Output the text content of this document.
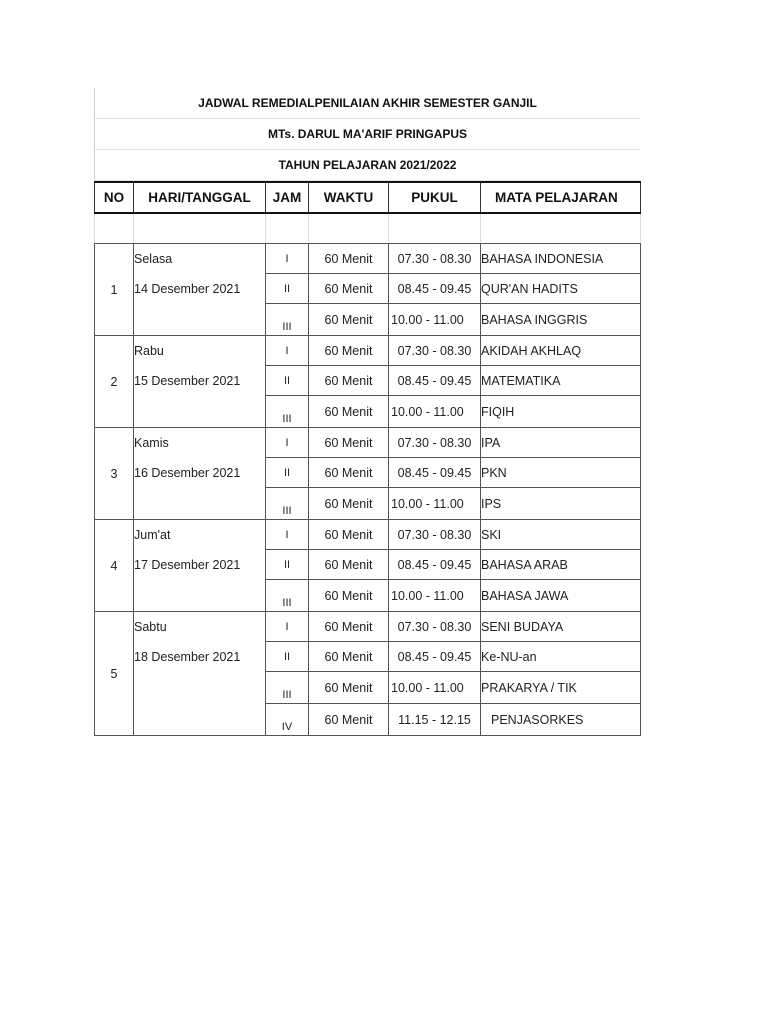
JADWAL REMEDIALPENILAIAN AKHIR SEMESTER GANJIL
MTs. DARUL MA'ARIF PRINGAPUS
TAHUN PELAJARAN 2021/2022

NO	HARI/TANGGAL	JAM	WAKTU	PUKUL	MATA PELAJARAN
1	Selasa	I	60 Menit	07.30 - 08.30	BAHASA INDONESIA
	14 Desember 2021	II	60 Menit	08.45 - 09.45	QUR'AN HADITS
		III	60 Menit	10.00 - 11.00	BAHASA INGGRIS
2	Rabu	I	60 Menit	07.30 - 08.30	AKIDAH AKHLAQ
	15 Desember 2021	II	60 Menit	08.45 - 09.45	MATEMATIKA
		III	60 Menit	10.00 - 11.00	FIQIH
3	Kamis	I	60 Menit	07.30 - 08.30	IPA
	16 Desember 2021	II	60 Menit	08.45 - 09.45	PKN
		III	60 Menit	10.00 - 11.00	IPS
4	Jum'at	I	60 Menit	07.30 - 08.30	SKI
	17 Desember 2021	II	60 Menit	08.45 - 09.45	BAHASA ARAB
		III	60 Menit	10.00 - 11.00	BAHASA JAWA
5	Sabtu	I	60 Menit	07.30 - 08.30	SENI BUDAYA
	18 Desember 2021	II	60 Menit	08.45 - 09.45	Ke-NU-an
		III	60 Menit	10.00 - 11.00	PRAKARYA / TIK
		IV	60 Menit	11.15 - 12.15	PENJASORKES
